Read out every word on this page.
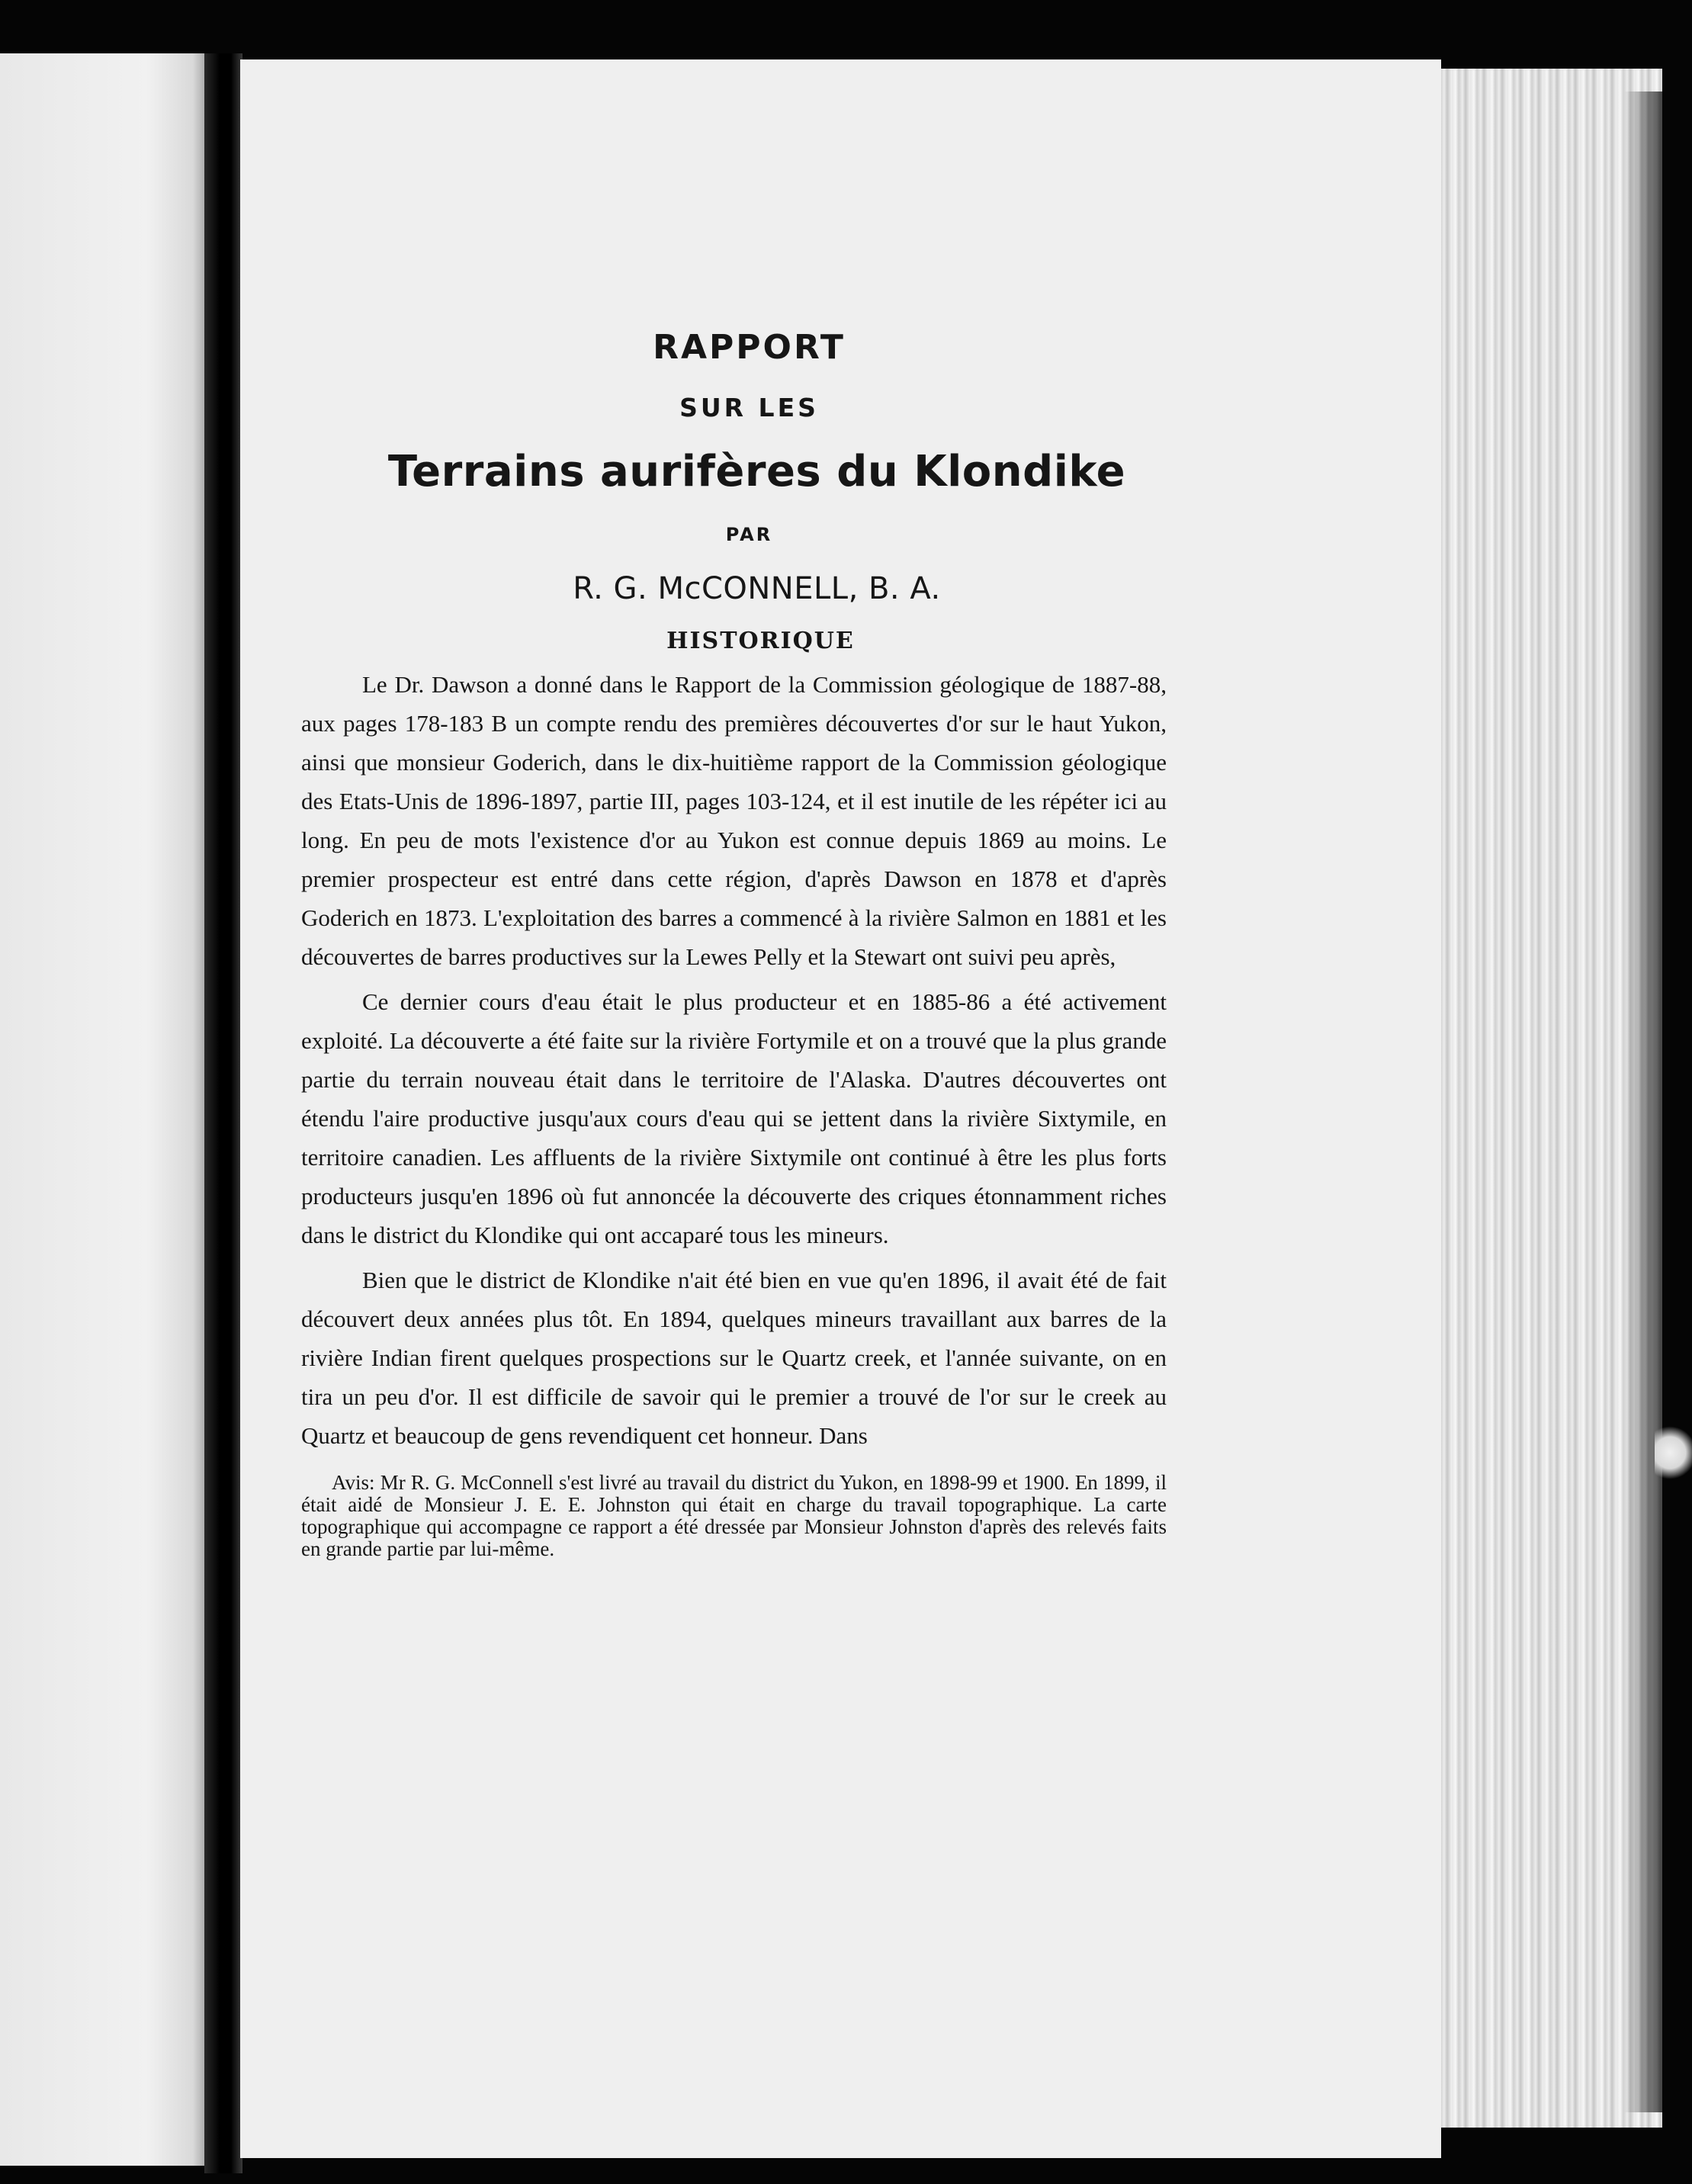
RAPPORT
SUR LES
Terrains aurifères du Klondike
PAR
R. G. McCONNELL, B. A.
HISTORIQUE

Le Dr. Dawson a donné dans le Rapport de la Commission géologique de 1887-88, aux pages 178-183 B un compte rendu des premières découvertes d'or sur le haut Yukon, ainsi que monsieur Goderich, dans le dix-huitième rapport de la Commission géologique des Etats-Unis de 1896-1897, partie III, pages 103-124, et il est inutile de les répéter ici au long. En peu de mots l'existence d'or au Yukon est connue depuis 1869 au moins. Le premier prospecteur est entré dans cette région, d'après Dawson en 1878 et d'après Goderich en 1873. L'exploitation des barres a commencé à la rivière Salmon en 1881 et les découvertes de barres productives sur la Lewes Pelly et la Stewart ont suivi peu après,

Ce dernier cours d'eau était le plus producteur et en 1885-86 a été activement exploité. La découverte a été faite sur la rivière Fortymile et on a trouvé que la plus grande partie du terrain nouveau était dans le territoire de l'Alaska. D'autres découvertes ont étendu l'aire productive jusqu'aux cours d'eau qui se jettent dans la rivière Sixtymile, en territoire canadien. Les affluents de la rivière Sixtymile ont continué à être les plus forts producteurs jusqu'en 1896 où fut annoncée la découverte des criques étonnamment riches dans le district du Klondike qui ont accaparé tous les mineurs.

Bien que le district de Klondike n'ait été bien en vue qu'en 1896, il avait été de fait découvert deux années plus tôt. En 1894, quelques mineurs travaillant aux barres de la rivière Indian firent quelques prospections sur le Quartz creek, et l'année suivante, on en tira un peu d'or. Il est difficile de savoir qui le premier a trouvé de l'or sur le creek au Quartz et beaucoup de gens revendiquent cet honneur. Dans

Avis: Mr R. G. McConnell s'est livré au travail du district du Yukon, en 1898-99 et 1900. En 1899, il était aidé de Monsieur J. E. E. Johnston qui était en charge du travail topographique. La carte topographique qui accompagne ce rapport a été dressée par Monsieur Johnston d'après des relevés faits en grande partie par lui-même.
